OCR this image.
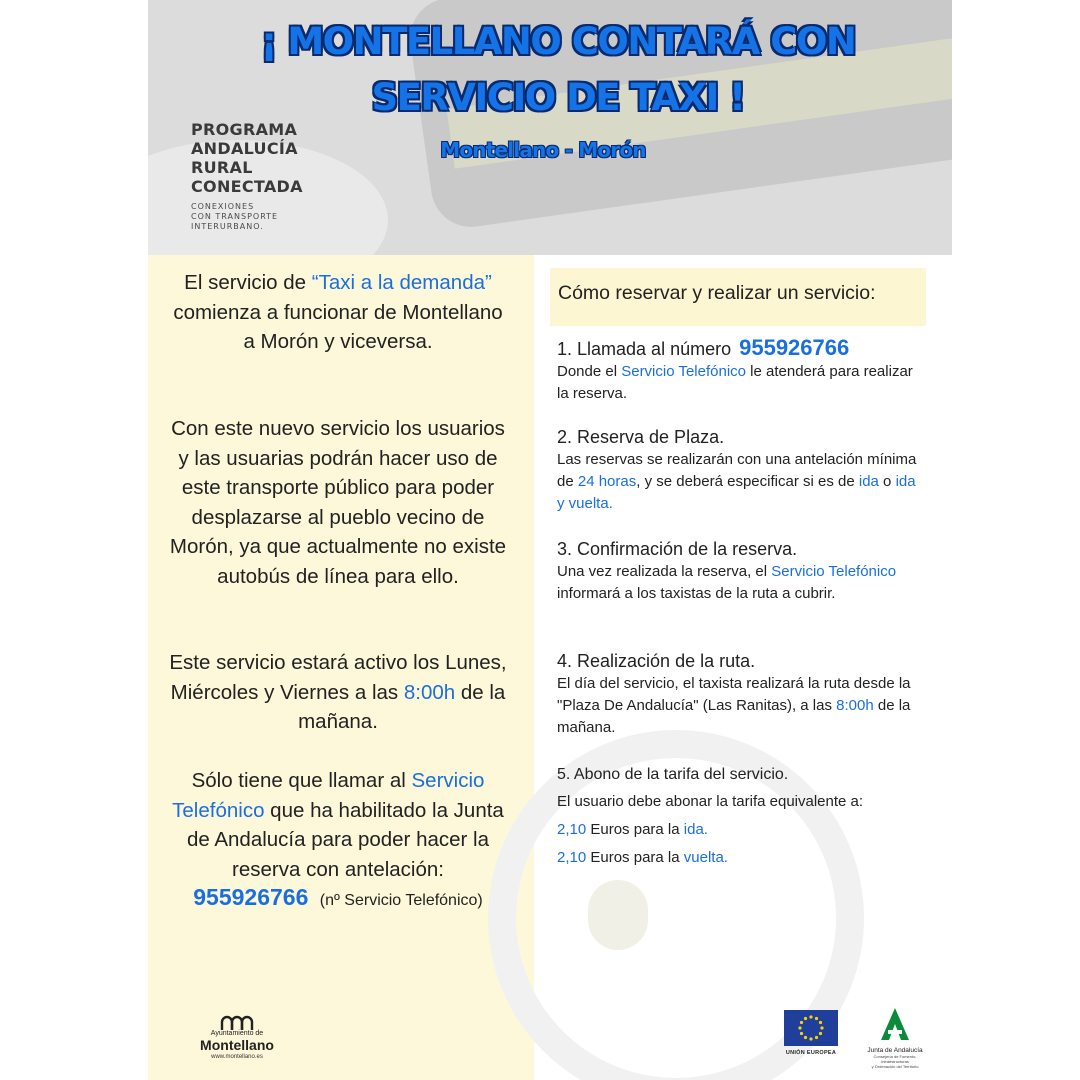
¡ MONTELLANO CONTARÁ CON
SERVICIO DE TAXI !
Montellano - Morón
PROGRAMA
ANDALUCÍA
RURAL
CONECTADA
CONEXIONES
CON TRANSPORTE
INTERURBANO.
El servicio de “Taxi a la demanda” comienza a funcionar de Montellano a Morón y viceversa.
Con este nuevo servicio los usuarios y las usuarias podrán hacer uso de este transporte público para poder desplazarse al pueblo vecino de Morón, ya que actualmente no existe autobús de línea para ello.
Este servicio estará activo los Lunes, Miércoles y Viernes a las 8:00h de la mañana.
Sólo tiene que llamar al Servicio Telefónico que ha habilitado la Junta de Andalucía para poder hacer la reserva con antelación:
955926766 (nº Servicio Telefónico)
Cómo reservar y realizar un servicio:
1. Llamada al número 955926766
Donde el Servicio Telefónico le atenderá para realizar la reserva.
2. Reserva de Plaza.
Las reservas se realizarán con una antelación mínima de 24 horas, y se deberá especificar si es de ida o ida y vuelta.
3. Confirmación de la reserva.
Una vez realizada la reserva, el Servicio Telefónico informará a los taxistas de la ruta a cubrir.
4. Realización de la ruta.
El día del servicio, el taxista realizará la ruta desde la "Plaza De Andalucía" (Las Ranitas), a las 8:00h de la mañana.
5. Abono de la tarifa del servicio.
El usuario debe abonar la tarifa equivalente a:
2,10 Euros para la ida.
2,10 Euros para la vuelta.
Ayuntamiento de
Montellano
www.montellano.es
UNIÓN EUROPEA	Junta de Andalucía
Consejería de Fomento, Infraestructuras
y Ordenación del Territorio
